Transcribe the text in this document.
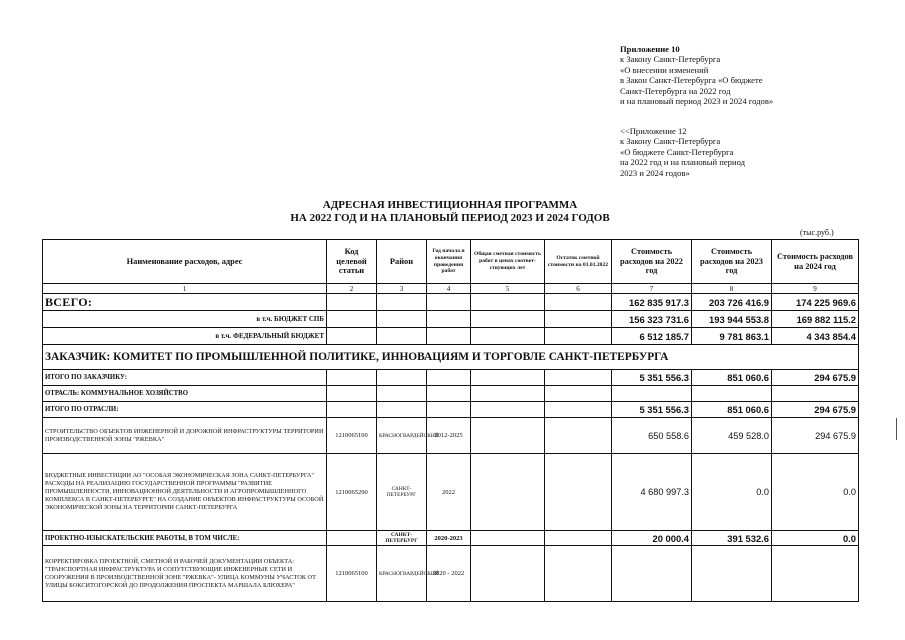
Приложение 10
к Закону Санкт-Петербурга
«О внесении изменений
в Закон Санкт-Петербурга «О бюджете
Санкт-Петербурга на 2022 год
и на плановый период 2023 и 2024 годов»
<<Приложение 12
к Закону Санкт-Петербурга
«О бюджете Санкт-Петербурга
на 2022 год и на плановый период
2023 и 2024 годов»
АДРЕСНАЯ ИНВЕСТИЦИОННАЯ ПРОГРАММА
НА 2022 ГОД И НА ПЛАНОВЫЙ ПЕРИОД 2023 И 2024 ГОДОВ
(тыс.руб.)
Наименование расходов, адрес	Код целевой статьи	Район	Год начала и окончания проведения работ	Общая сметная стоимость работ в ценах соответ-ствующих лет	Остаток сметной стоимости на 01.01.2022	Стоимость расходов на 2022 год	Стоимость расходов на 2023 год	Стоимость расходов на 2024 год
1	2	3	4	5	6	7	8	9
ВСЕГО:						162 835 917.3	203 726 416.9	174 225 969.6
в т.ч. БЮДЖЕТ СПБ						156 323 731.6	193 944 553.8	169 882 115.2
в т.ч. ФЕДЕРАЛЬНЫЙ БЮДЖЕТ						6 512 185.7	9 781 863.1	4 343 854.4
ЗАКАЗЧИК: КОМИТЕТ ПО ПРОМЫШЛЕННОЙ ПОЛИТИКЕ, ИННОВАЦИЯМ И ТОРГОВЛЕ САНКТ-ПЕТЕРБУРГА								
ИТОГО ПО ЗАКАЗЧИКУ:						5 351 556.3	851 060.6	294 675.9
ОТРАСЛЬ: КОММУНАЛЬНОЕ ХОЗЯЙСТВО								
ИТОГО ПО ОТРАСЛИ:						5 351 556.3	851 060.6	294 675.9
СТРОИТЕЛЬСТВО ОБЪЕКТОВ ИНЖЕНЕРНОЙ И ДОРОЖНОЙ ИНФРАСТРУКТУРЫ ТЕРРИТОРИИ ПРОИЗВОДСТВЕННОЙ ЗОНЫ "РЖЕВКА"	1210065100	КРАСНОГВАРДЕЙСКИЙ	2012-2025			650 558.6	459 528.0	294 675.9
БЮДЖЕТНЫЕ ИНВЕСТИЦИИ АО "ОСОБАЯ ЭКОНОМИЧЕСКАЯ ЗОНА САНКТ-ПЕТЕРБУРГА" РАСХОДЫ НА РЕАЛИЗАЦИЮ ГОСУДАРСТВЕННОЙ ПРОГРАММЫ "РАЗВИТИЕ ПРОМЫШЛЕННОСТИ, ИННОВАЦИОННОЙ ДЕЯТЕЛЬНОСТИ И АГРОПРОМЫШЛЕННОГО КОМПЛЕКСА В САНКТ-ПЕТЕРБУРГЕ" НА СОЗДАНИЕ ОБЪЕКТОВ ИНФРАСТРУКТУРЫ ОСОБОЙ ЭКОНОМИЧЕСКОЙ ЗОНЫ НА ТЕРРИТОРИИ САНКТ-ПЕТЕРБУРГА	1210065290	САНКТ-ПЕТЕРБУРГ	2022			4 680 997.3	0.0	0.0
ПРОЕКТНО-ИЗЫСКАТЕЛЬСКИЕ РАБОТЫ, В ТОМ ЧИСЛЕ:		САНКТ-ПЕТЕРБУРГ	2020-2023			20 000.4	391 532.6	0.0
КОРРЕКТИРОВКА ПРОЕКТНОЙ, СМЕТНОЙ И РАБОЧЕЙ ДОКУМЕНТАЦИИ ОБЪЕКТА: "ТРАНСПОРТНАЯ ИНФРАСТРУКТУРА И СОПУТСТВУЮЩИЕ ИНЖЕНЕРНЫЕ СЕТИ И СООРУЖЕНИЯ В ПРОИЗВОДСТВЕННОЙ ЗОНЕ "РЖЕВКА"- УЛИЦА КОММУНЫ УЧАСТОК ОТ УЛИЦЫ БОКСИТОГОРСКОЙ ДО ПРОДОЛЖЕНИЯ ПРОСПЕКТА МАРШАЛА БЛЮХЕРА"	1210065100	КРАСНОГВАРДЕЙСКИЙ	2020 - 2022					
